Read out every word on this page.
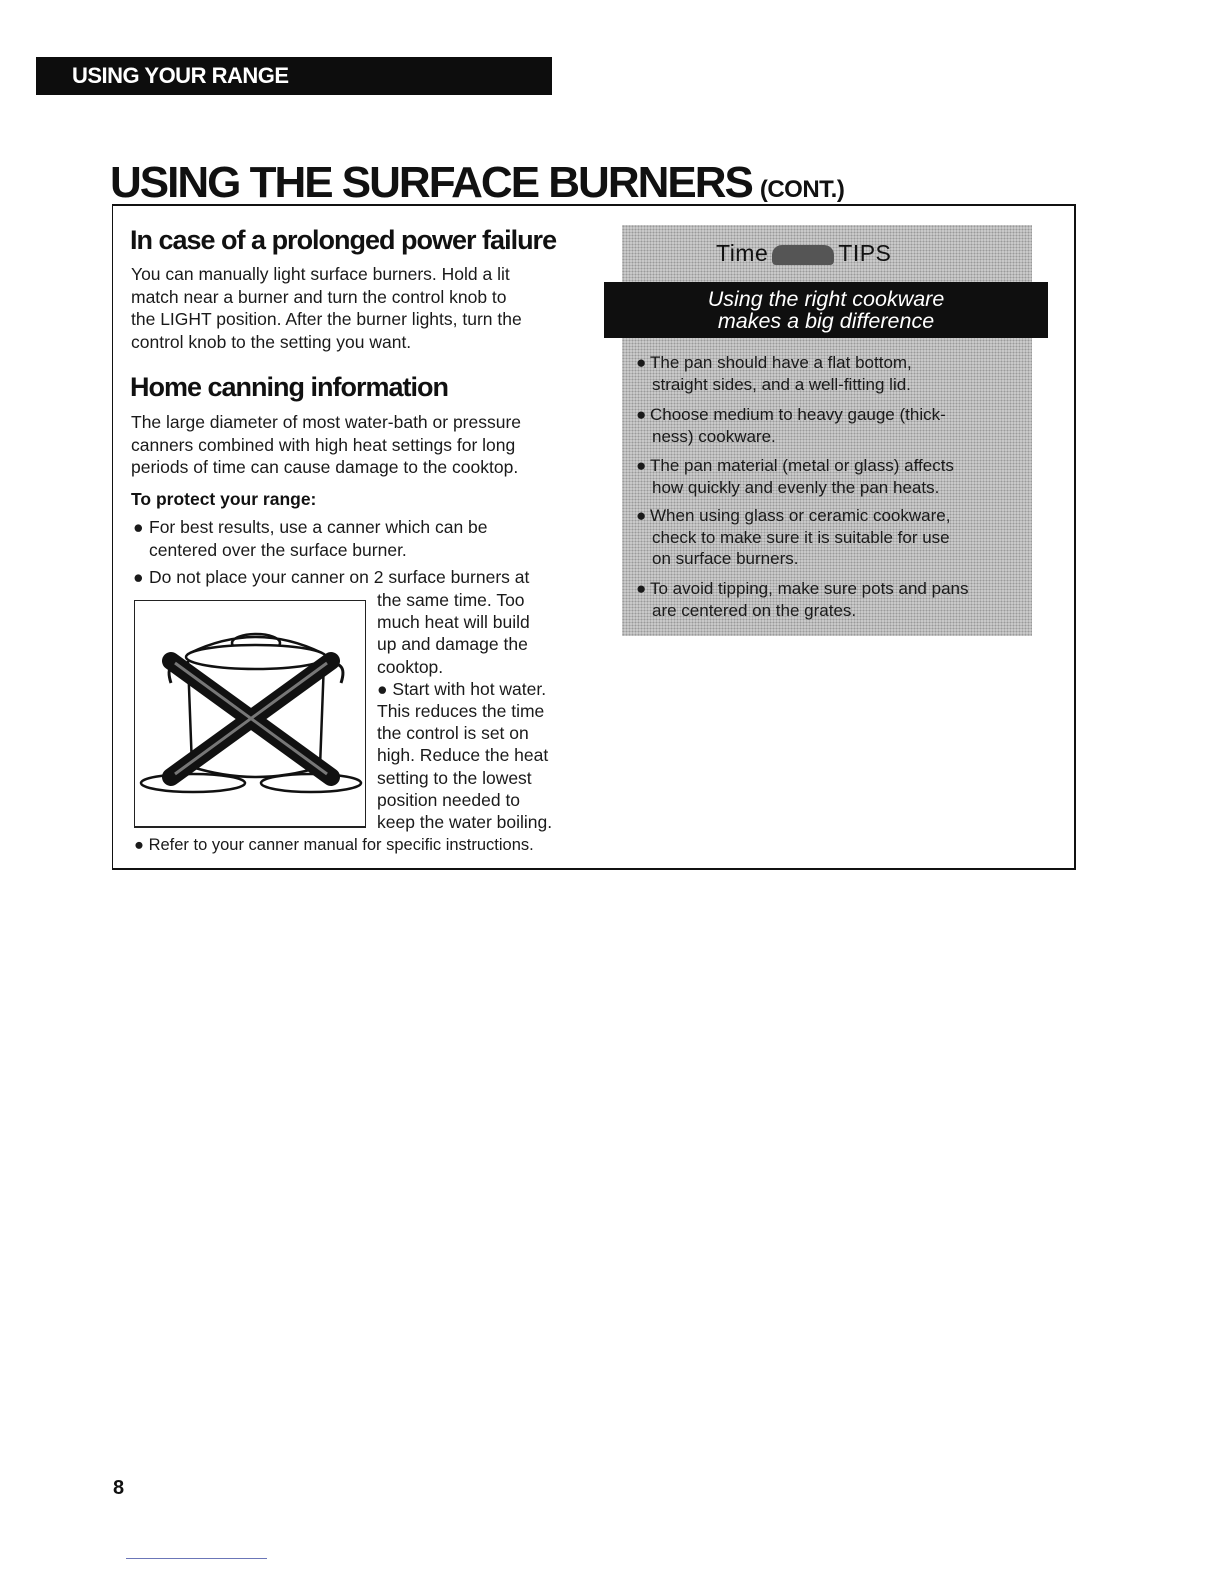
USING YOUR RANGE
USING THE SURFACE BURNERS (CONT.)
In case of a prolonged power failure
You can manually light surface burners. Hold a lit
match near a burner and turn the control knob to
the LIGHT position. After the burner lights, turn the
control knob to the setting you want.
Home canning information
The large diameter of most water-bath or pressure
canners combined with high heat settings for long
periods of time can cause damage to the cooktop.
To protect your range:
● For best results, use a canner which can be
centered over the surface burner.
● Do not place your canner on 2 surface burners at
the same time. Too
much heat will build
up and damage the
cooktop.
● Start with hot water.
This reduces the time
the control is set on
high. Reduce the heat
setting to the lowest
position needed to
keep the water boiling.
● Refer to your canner manual for specific instructions.
Time	TIPS
Using the right cookware
makes a big difference
● The pan should have a flat bottom,
straight sides, and a well-fitting lid.
● Choose medium to heavy gauge (thick-
ness) cookware.
● The pan material (metal or glass) affects
how quickly and evenly the pan heats.
● When using glass or ceramic cookware,
check to make sure it is suitable for use
on surface burners.
● To avoid tipping, make sure pots and pans
are centered on the grates.
8
